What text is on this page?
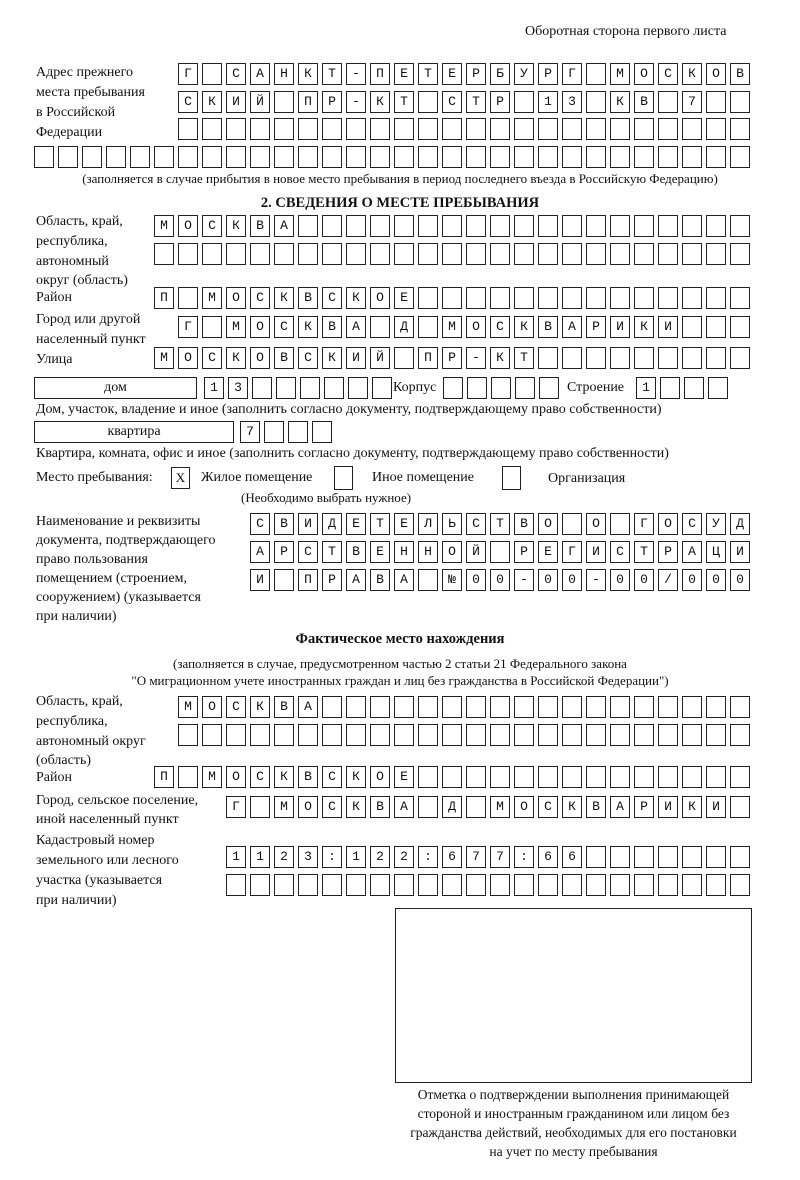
Оборотная сторона первого листа
Адрес прежнего
места пребывания
в Российской
Федерации
Г САНКТ-ПЕТЕРБУРГ МОСКОВ
СКИЙ ПР-КТ СТР 13 КВ 7

(заполняется в случае прибытия в новое место пребывания в период последнего въезда в Российскую Федерацию)
2. СВЕДЕНИЯ О МЕСТЕ ПРЕБЫВАНИЯ
Область, край,
республика,
автономный
округ (область)
МОСКВА

Район	П МОСКВСКОЕ
Город или другой
населенный пункт
Г МОСКВА Д МОСКВАРИКИ
Улица	МОСКОВСКИЙ ПР-КТ
дом	13
Корпус
	Строение	1
Дом, участок, владение и иное (заполнить согласно документу, подтверждающему право собственности)
квартира	7
Квартира, комната, офис и иное (заполнить согласно документу, подтверждающему право собственности)
Место пребывания:	X	Жилое помещение	Иное помещение	Организация
(Необходимо выбрать нужное)
Наименование и реквизиты
документа, подтверждающего
право пользования
помещением (строением,
сооружением) (указывается
при наличии)
СВИДЕТЕЛЬСТВО О ГОСУД
АРСТВЕННОЙ РЕГИСТРАЦИ
И ПРАВА №00-00-00/000
Фактическое место нахождения
(заполняется в случае, предусмотренном частью 2 статьи 21 Федерального закона
"О миграционном учете иностранных граждан и лиц без гражданства в Российской Федерации")
Область, край,
республика,
автономный округ
(область)
МОСКВА

Район	П МОСКВСКОЕ
Город, сельское поселение,
иной населенный пункт
Г МОСКВА Д МОСКВАРИКИ
Кадастровый номер
земельного или лесного
участка (указывается
при наличии)
1123:122:677:66

Отметка о подтверждении выполнения принимающей
стороной и иностранным гражданином или лицом без
гражданства действий, необходимых для его постановки
на учет по месту пребывания
